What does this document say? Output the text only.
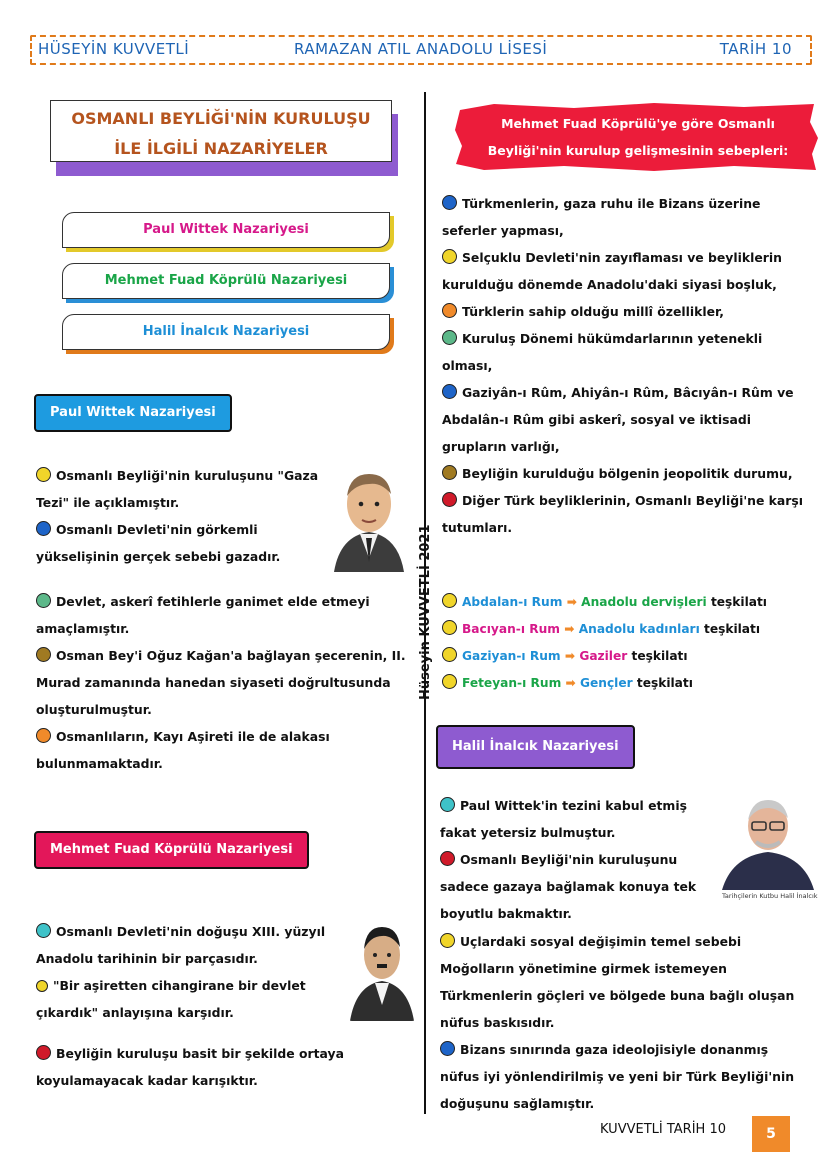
HÜSEYİN KUVVETLİ	RAMAZAN ATIL ANADOLU LİSESİ	TARİH 10
Hüseyin KUVVETLİ 2021
OSMANLI BEYLİĞİ'NİN KURULUŞU
İLE İLGİLİ NAZARİYELER
Paul Wittek Nazariyesi
Mehmet Fuad Köprülü Nazariyesi
Halil İnalcık Nazariyesi
Paul Wittek Nazariyesi

Osmanlı Beyliği'nin kuruluşunu "Gaza Tezi" ile açıklamıştır.

Osmanlı Devleti'nin görkemli yükselişinin gerçek sebebi gazadır.

Devlet, askerî fetihlerle ganimet elde etmeyi amaçlamıştır.

Osman Bey'i Oğuz Kağan'a bağlayan şecerenin, II. Murad zamanında hanedan siyaseti doğrultusunda oluşturulmuştur.

Osmanlıların, Kayı Aşireti ile de alakası bulunmamaktadır.

Mehmet Fuad Köprülü Nazariyesi

Osmanlı Devleti'nin doğuşu XIII. yüzyıl Anadolu tarihinin bir parçasıdır.

"Bir aşiretten cihangirane bir devlet çıkardık" anlayışına karşıdır.

Beyliğin kuruluşu basit bir şekilde ortaya koyulamayacak kadar karışıktır.

Mehmet Fuad Köprülü'ye göre Osmanlı
Beyliği'nin kurulup gelişmesinin sebepleri:

Türkmenlerin, gaza ruhu ile Bizans üzerine seferler yapması,

Selçuklu Devleti'nin zayıflaması ve beyliklerin kurulduğu dönemde Anadolu'daki siyasi boşluk,

Türklerin sahip olduğu millî özellikler,

Kuruluş Dönemi hükümdarlarının yetenekli olması,

Gaziyân-ı Rûm, Ahiyân-ı Rûm, Bâcıyân-ı Rûm ve Abdalân-ı Rûm gibi askerî, sosyal ve iktisadi grupların varlığı,

Beyliğin kurulduğu bölgenin jeopolitik durumu,

Diğer Türk beyliklerinin, Osmanlı Beyliği'ne karşı tutumları.

Abdalan-ı Rum ➡ Anadolu dervişleri teşkilatı

Bacıyan-ı Rum ➡ Anadolu kadınları teşkilatı

Gaziyan-ı Rum ➡ Gaziler teşkilatı

Feteyan-ı Rum ➡ Gençler teşkilatı

Halil İnalcık Nazariyesi
Tarihçilerin Kutbu Halil İnalcık

Paul Wittek'in tezini kabul etmiş fakat yetersiz bulmuştur.

Osmanlı Beyliği'nin kuruluşunu sadece gazaya bağlamak konuya tek boyutlu bakmaktır.

Uçlardaki sosyal değişimin temel sebebi Moğolların yönetimine girmek istemeyen Türkmenlerin göçleri ve bölgede buna bağlı oluşan nüfus baskısıdır.

Bizans sınırında gaza ideolojisiyle donanmış nüfus iyi yönlendirilmiş ve yeni bir Türk Beyliği'nin doğuşunu sağlamıştır.

KUVVETLİ TARİH 10	5
